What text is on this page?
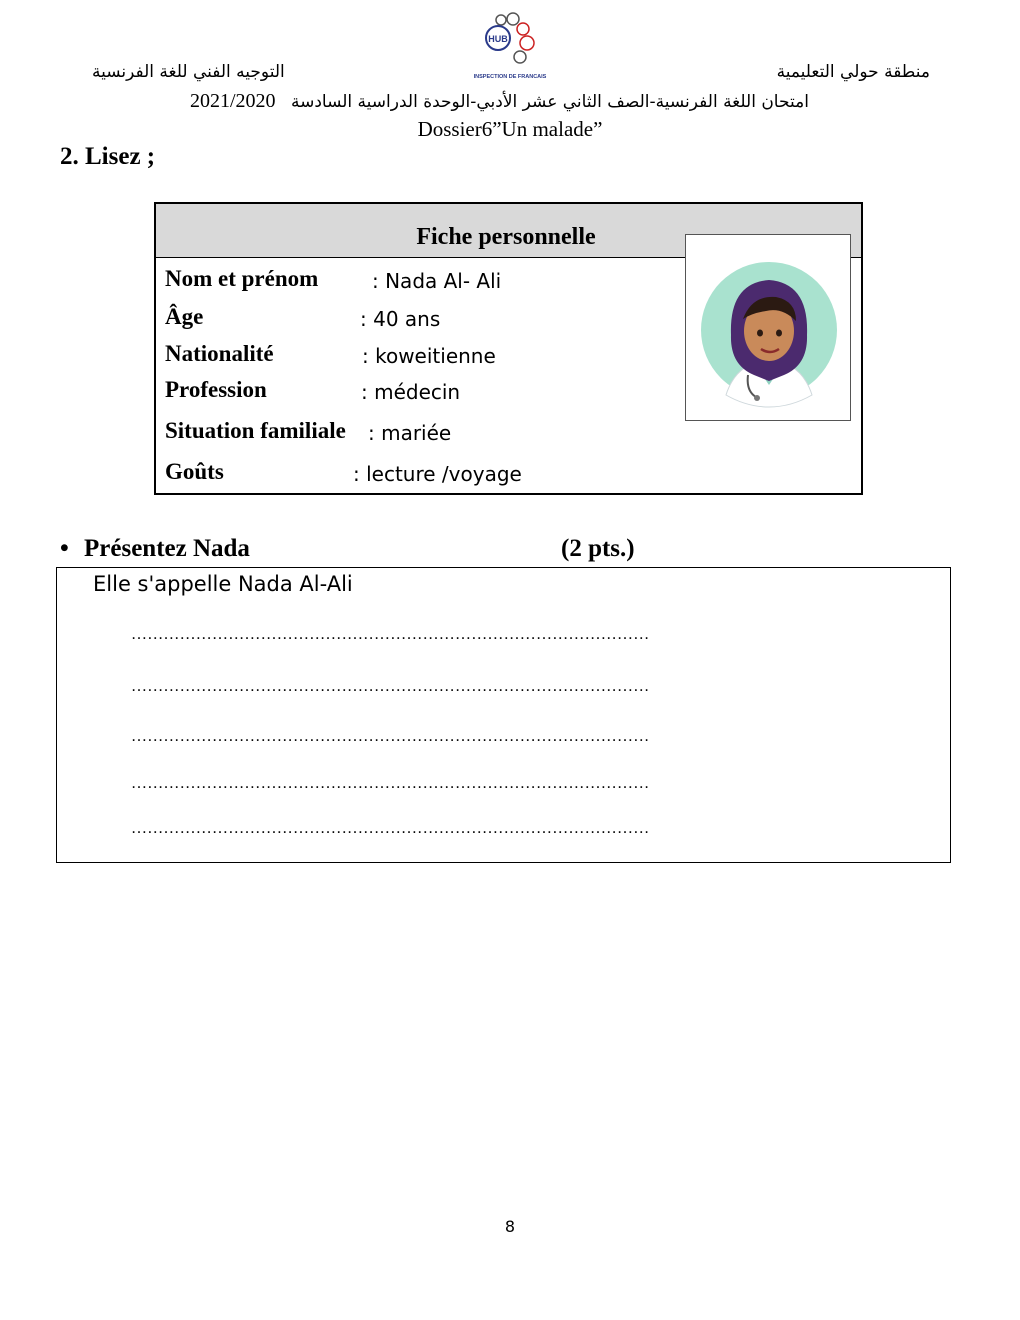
منطقة حولي التعليمية
التوجيه الفني للغة الفرنسية
HUB
INSPECTION DE FRANCAIS
امتحان اللغة الفرنسية-الصف الثاني عشر الأدبي-الوحدة الدراسية السادسة 2021/2020
Dossier6”Un malade”
2. Lisez ;
Fiche personnelle
Nom et prénom	: Nada Al- Ali
Âge	: 40 ans
Nationalité	: koweitienne
Profession	: médecin
Situation familiale : mariée
Goûts	: lecture /voyage
• Présentez Nada	(2 pts.)
Elle s'appelle Nada Al-Ali
……………………………………………………………………………………
……………………………………………………………………………………
……………………………………………………………………………………
……………………………………………………………………………………
……………………………………………………………………………………
8
